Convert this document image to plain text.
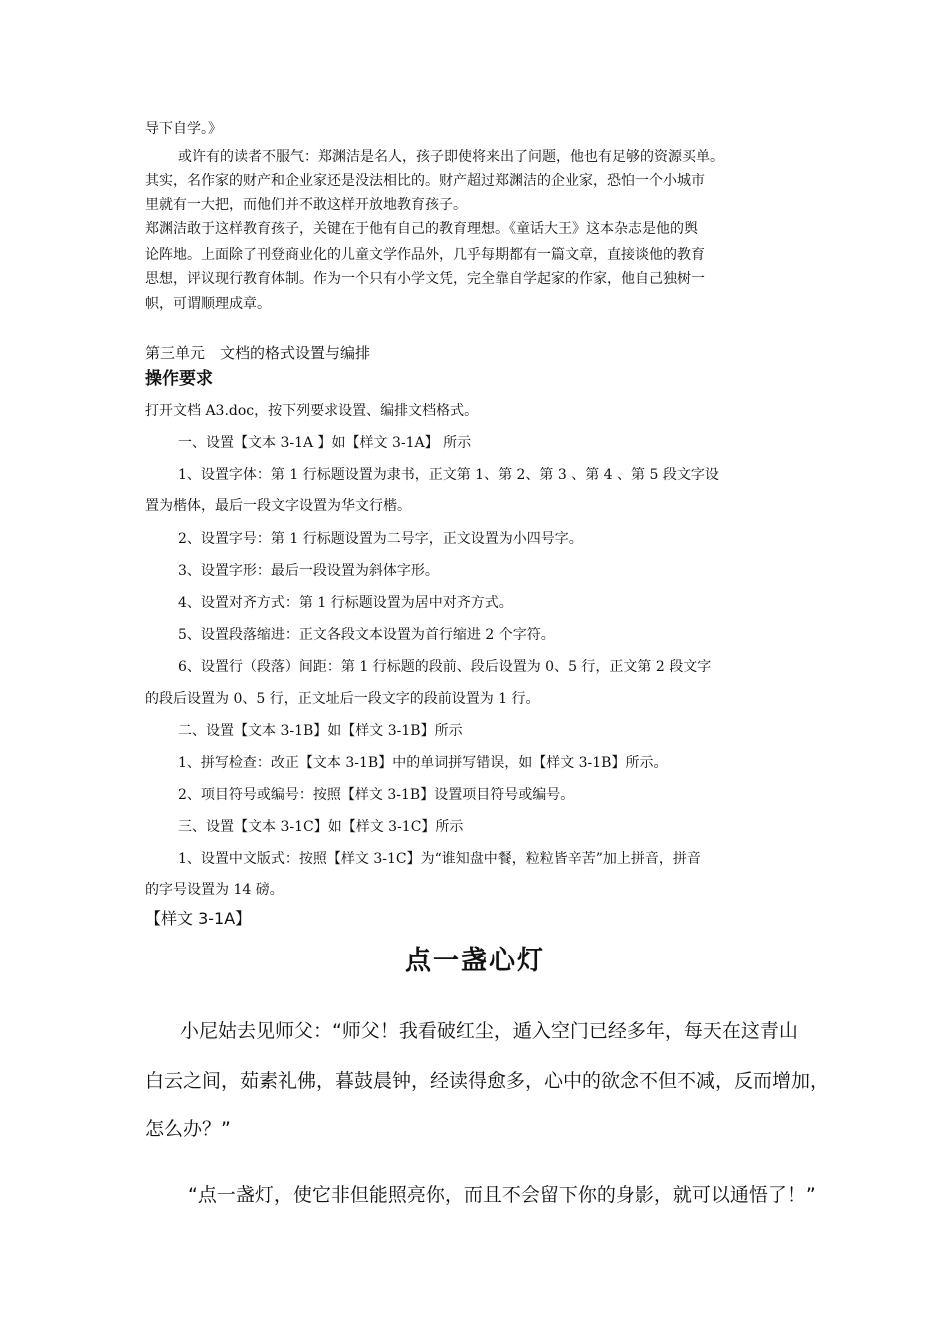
导下自学。》
或许有的读者不服气：郑渊洁是名人，孩子即使将来出了问题，他也有足够的资源买单。
其实，名作家的财产和企业家还是没法相比的。财产超过郑渊洁的企业家，恐怕一个小城市
里就有一大把，而他们并不敢这样开放地教育孩子。
郑渊洁敢于这样教育孩子，关键在于他有自己的教育理想。《童话大王》这本杂志是他的舆
论阵地。上面除了刊登商业化的儿童文学作品外，几乎每期都有一篇文章，直接谈他的教育
思想，评议现行教育体制。作为一个只有小学文凭，完全靠自学起家的作家，他自己独树一
帜，可谓顺理成章。
第三单元　文档的格式设置与编排
操作要求
打开文档 A3.doc，按下列要求设置、编排文档格式。
一、设置【文本 3-1A 】如【样文 3-1A】 所示
1、设置字体：第 1 行标题设置为隶书，正文第 1、第 2、第 3 、第 4 、第 5 段文字设
置为楷体，最后一段文字设置为华文行楷。
2、设置字号：第 1 行标题设置为二号字，正文设置为小四号字。
3、设置字形：最后一段设置为斜体字形。
4、设置对齐方式：第 1 行标题设置为居中对齐方式。
5、设置段落缩进：正文各段文本设置为首行缩进 2 个字符。
6、设置行（段落）间距：第 1 行标题的段前、段后设置为 0、5 行，正文第 2 段文字
的段后设置为 0、5 行，正文址后一段文字的段前设置为 1 行。
二、设置【文本 3-1B】如【样文 3-1B】所示
1、拼写检查：改正【文本 3-1B】中的单词拼写错误，如【样文 3-1B】所示。
2、项目符号或编号：按照【样文 3-1B】设置项目符号或编号。
三、设置【文本 3-1C】如【样文 3-1C】所示
1、设置中文版式：按照【样文 3-1C】为“谁知盘中餐，粒粒皆辛苦”加上拼音，拼音
的字号设置为 14 磅。
【样文 3-1A】
点一盏心灯
小尼姑去见师父：“师父！我看破红尘，遁入空门已经多年，每天在这青山
白云之间，茹素礼佛，暮鼓晨钟，经读得愈多，心中的欲念不但不减，反而增加，
怎么办？”
“点一盏灯，使它非但能照亮你，而且不会留下你的身影，就可以通悟了！”
